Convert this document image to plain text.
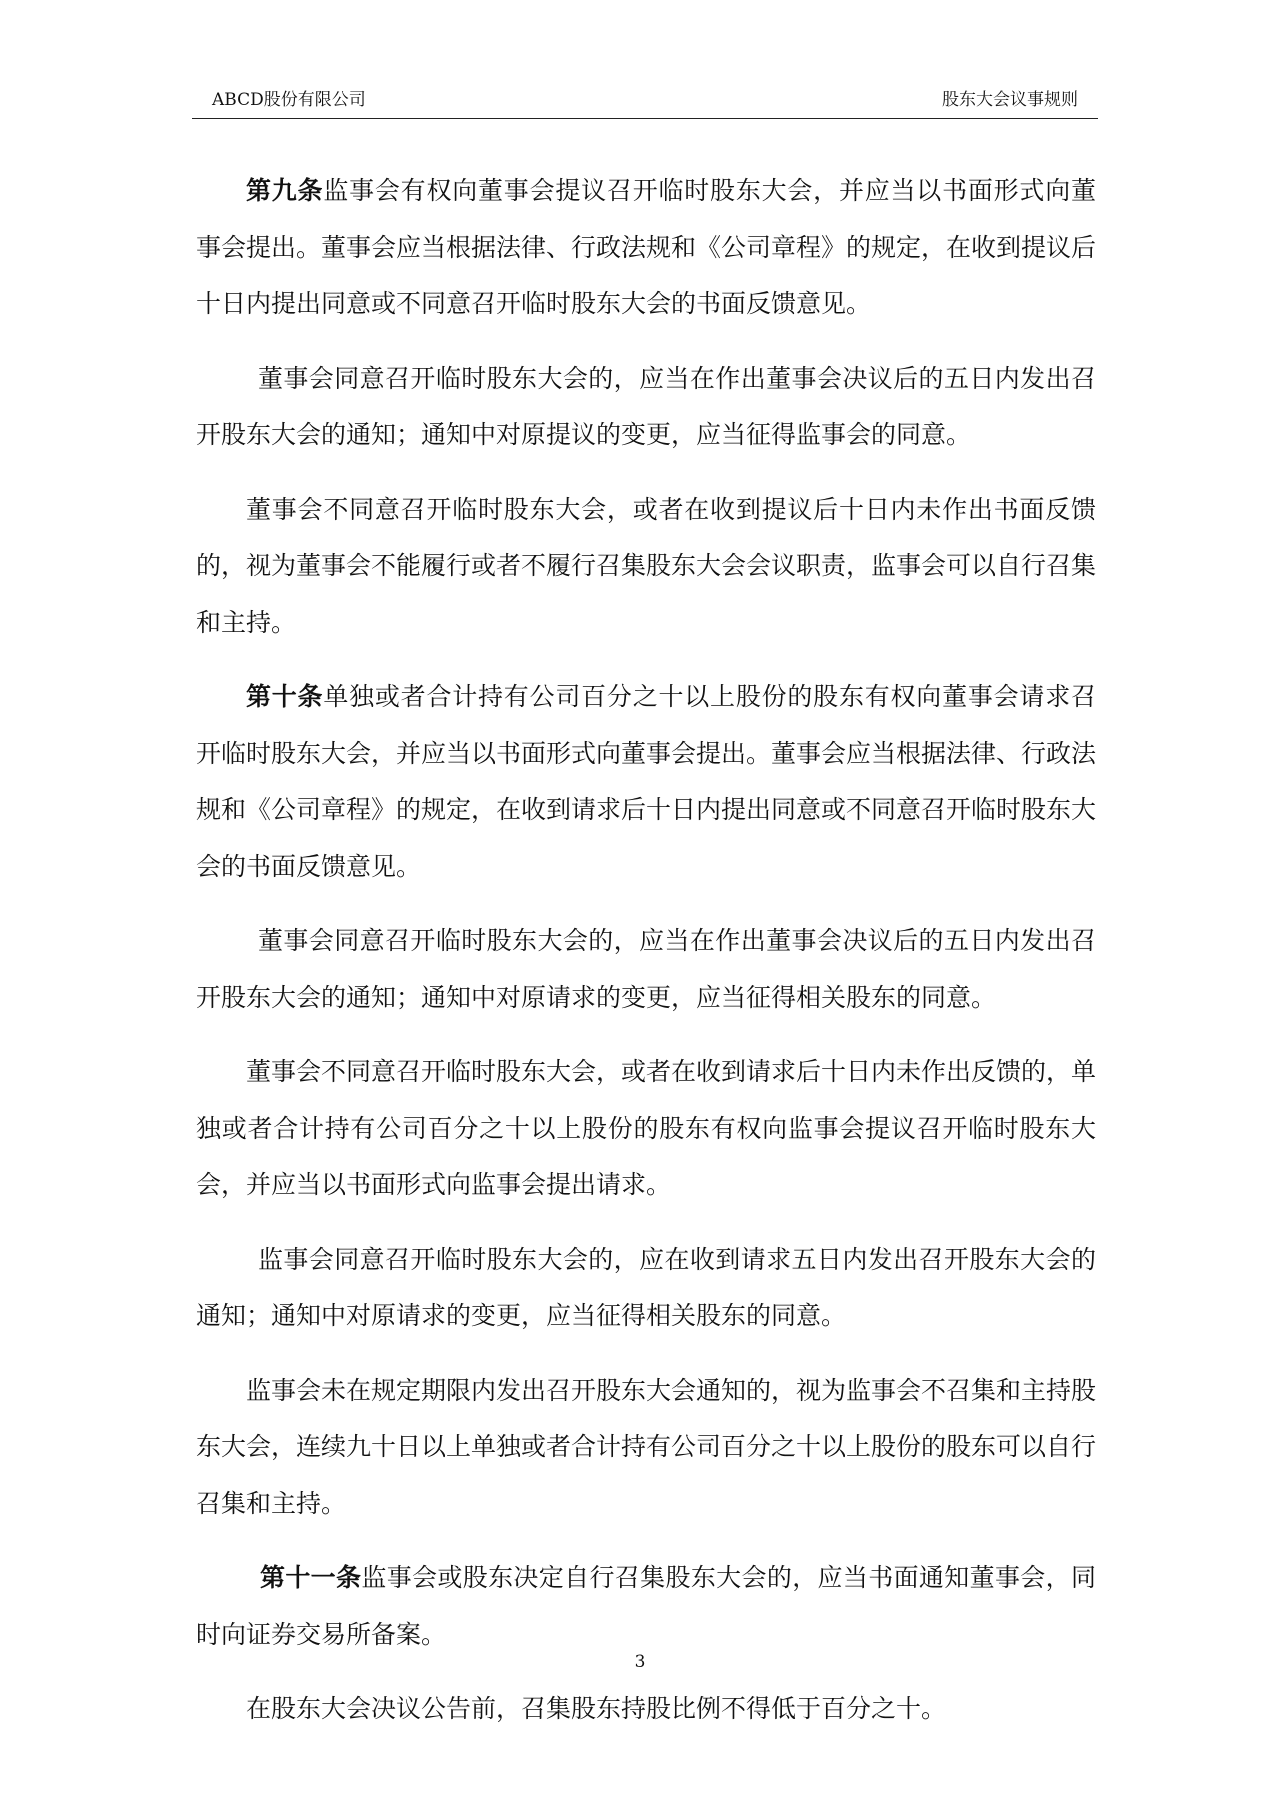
ABCD股份有限公司	股东大会议事规则

第九条监事会有权向董事会提议召开临时股东大会，并应当以书面形式向董事会提出。董事会应当根据法律、行政法规和《公司章程》的规定，在收到提议后十日内提出同意或不同意召开临时股东大会的书面反馈意见。

董事会同意召开临时股东大会的，应当在作出董事会决议后的五日内发出召开股东大会的通知；通知中对原提议的变更，应当征得监事会的同意。

董事会不同意召开临时股东大会，或者在收到提议后十日内未作出书面反馈的，视为董事会不能履行或者不履行召集股东大会会议职责，监事会可以自行召集和主持。

第十条单独或者合计持有公司百分之十以上股份的股东有权向董事会请求召开临时股东大会，并应当以书面形式向董事会提出。董事会应当根据法律、行政法规和《公司章程》的规定，在收到请求后十日内提出同意或不同意召开临时股东大会的书面反馈意见。

董事会同意召开临时股东大会的，应当在作出董事会决议后的五日内发出召开股东大会的通知；通知中对原请求的变更，应当征得相关股东的同意。

董事会不同意召开临时股东大会，或者在收到请求后十日内未作出反馈的，单独或者合计持有公司百分之十以上股份的股东有权向监事会提议召开临时股东大会，并应当以书面形式向监事会提出请求。

监事会同意召开临时股东大会的，应在收到请求五日内发出召开股东大会的通知；通知中对原请求的变更，应当征得相关股东的同意。

监事会未在规定期限内发出召开股东大会通知的，视为监事会不召集和主持股东大会，连续九十日以上单独或者合计持有公司百分之十以上股份的股东可以自行召集和主持。

第十一条监事会或股东决定自行召集股东大会的，应当书面通知董事会，同时向证券交易所备案。

在股东大会决议公告前，召集股东持股比例不得低于百分之十。

3
